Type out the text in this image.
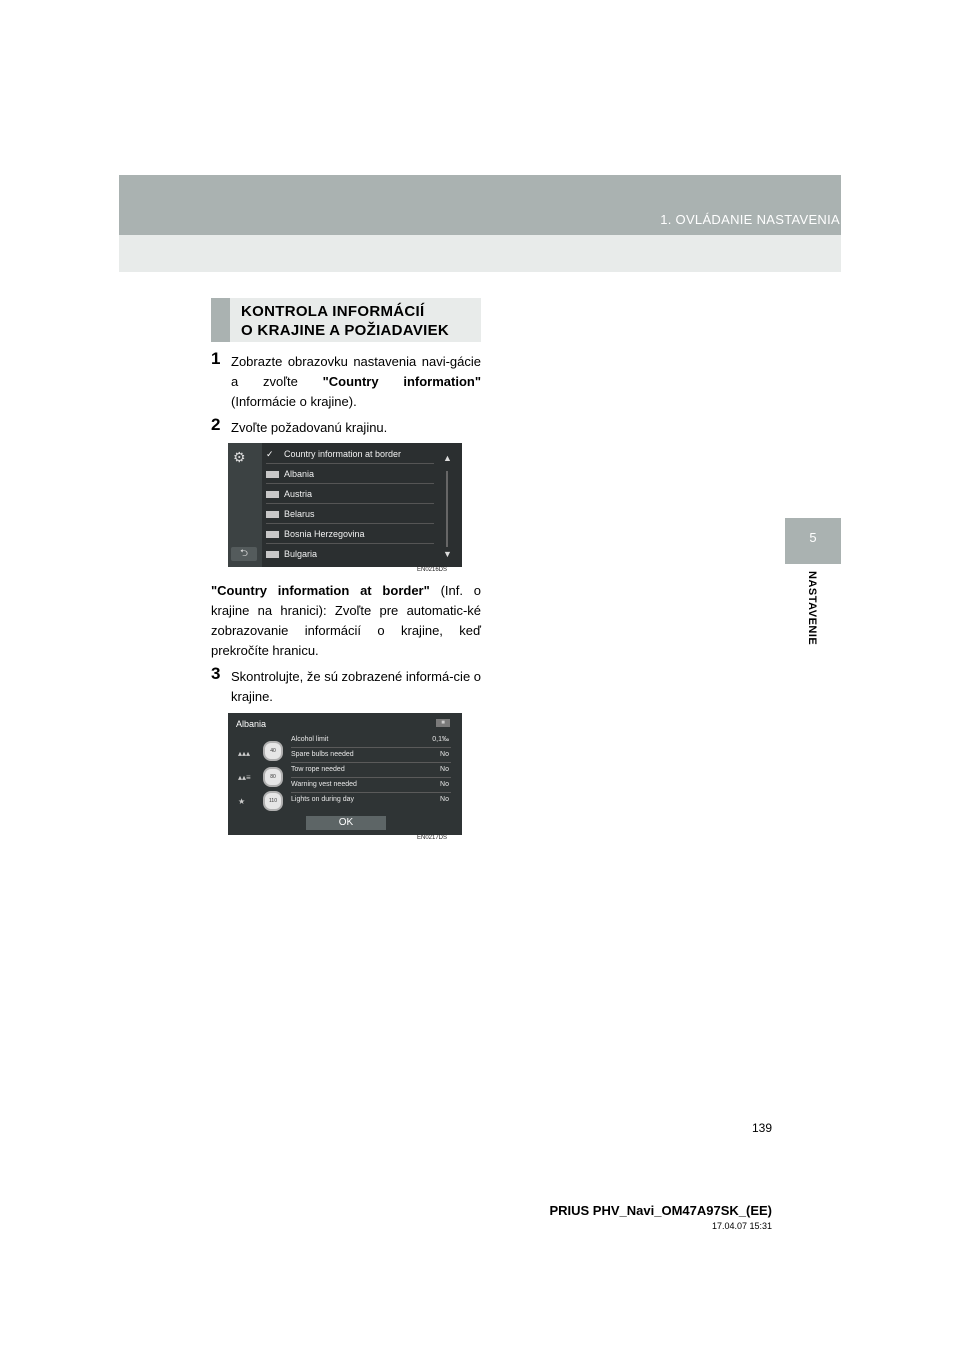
1. OVLÁDANIE NASTAVENIA
5
NASTAVENIE
KONTROLA INFORMÁCIÍ
O KRAJINE A POŽIADAVIEK
1 Zobrazte obrazovku nastavenia navi-gácie a zvoľte "Country information" (Informácie o krajine).
2 Zvoľte požadovanú krajinu.
⚙
⮌
✓ Country information at border
Albania
Austria
Belarus
Bosnia Herzegovina
Bulgaria
▲
▼
EN0216DS
"Country information at border" (Inf. o krajine na hranici): Zvoľte pre automatic-ké zobrazovanie informácií o krajine, keď prekročíte hranicu.
3 Skontrolujte, že sú zobrazené informá-cie o krajine.
Albania	■
▴▴▴
▴▴≡
★
40
80
110
Alcohol limit	0,1‰
Spare bulbs needed	No
Tow rope needed	No
Warning vest needed	No
Lights on during day	No
OK
EN0217DS
139
PRIUS PHV_Navi_OM47A97SK_(EE)
17.04.07 15:31
